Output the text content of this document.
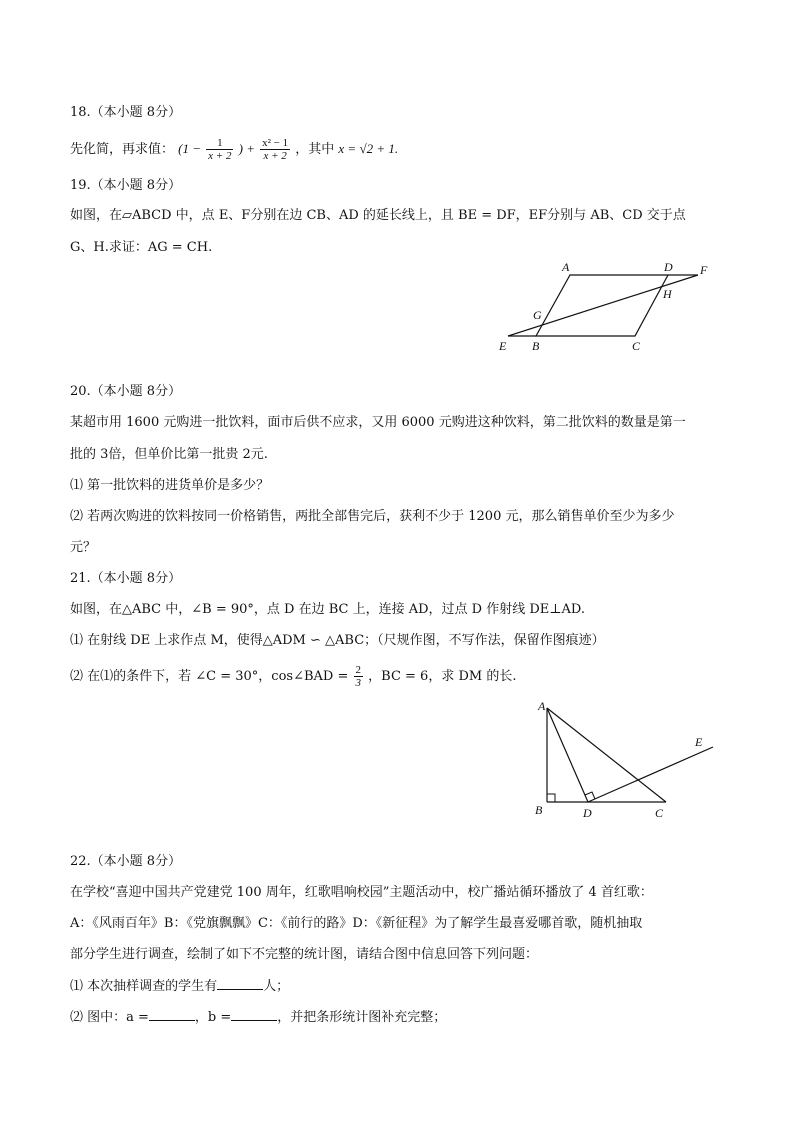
18.（本小题 8分）
先化简，再求值： ($1 - \frac{1}{x + 2}$ ) + $\frac{\text{x² − 1}}{x + 2}$ ，其中 x = √2 + 1.
19.（本小题 8分）
如图，在▱ABCD 中，点 E、F分别在边 CB、AD 的延长线上，且 BE = DF，EF分别与 AB、CD 交于点
G、H.求证：AG = CH.
A	D F
H
G
E B	C
20.（本小题 8分）
某超市用 1600 元购进一批饮料，面市后供不应求，又用 6000 元购进这种饮料，第二批饮料的数量是第一
批的 3倍，但单价比第一批贵 2元.
⑴ 第一批饮料的进货单价是多少？
⑵ 若两次购进的饮料按同一价格销售，两批全部售完后，获利不少于 1200 元，那么销售单价至少为多少
元？
21.（本小题 8分）
如图，在△ABC 中，∠B = 90°，点 D 在边 BC 上，连接 AD，过点 D 作射线 DE⊥AD.
⑴ 在射线 DE 上求作点 M，使得△ADM ∽ △ABC；（尺规作图，不写作法，保留作图痕迹）
⑵ 在⑴的条件下，若 ∠C = 30°，cos∠BAD = $\frac{2}{3}$ ，BC = 6，求 DM 的长.
A
E
B	D	C
22.（本小题 8分）
在学校“喜迎中国共产党建党 100 周年，红歌唱响校园”主题活动中，校广播站循环播放了 4 首红歌：
A：《风雨百年》B：《党旗飘飘》C：《前行的路》D：《新征程》为了解学生最喜爱哪首歌，随机抽取
部分学生进行调查，绘制了如下不完整的统计图，请结合图中信息回答下列问题：
⑴ 本次抽样调查的学生有	人；
⑵ 图中：a =	，b =	，并把条形统计图补充完整；
